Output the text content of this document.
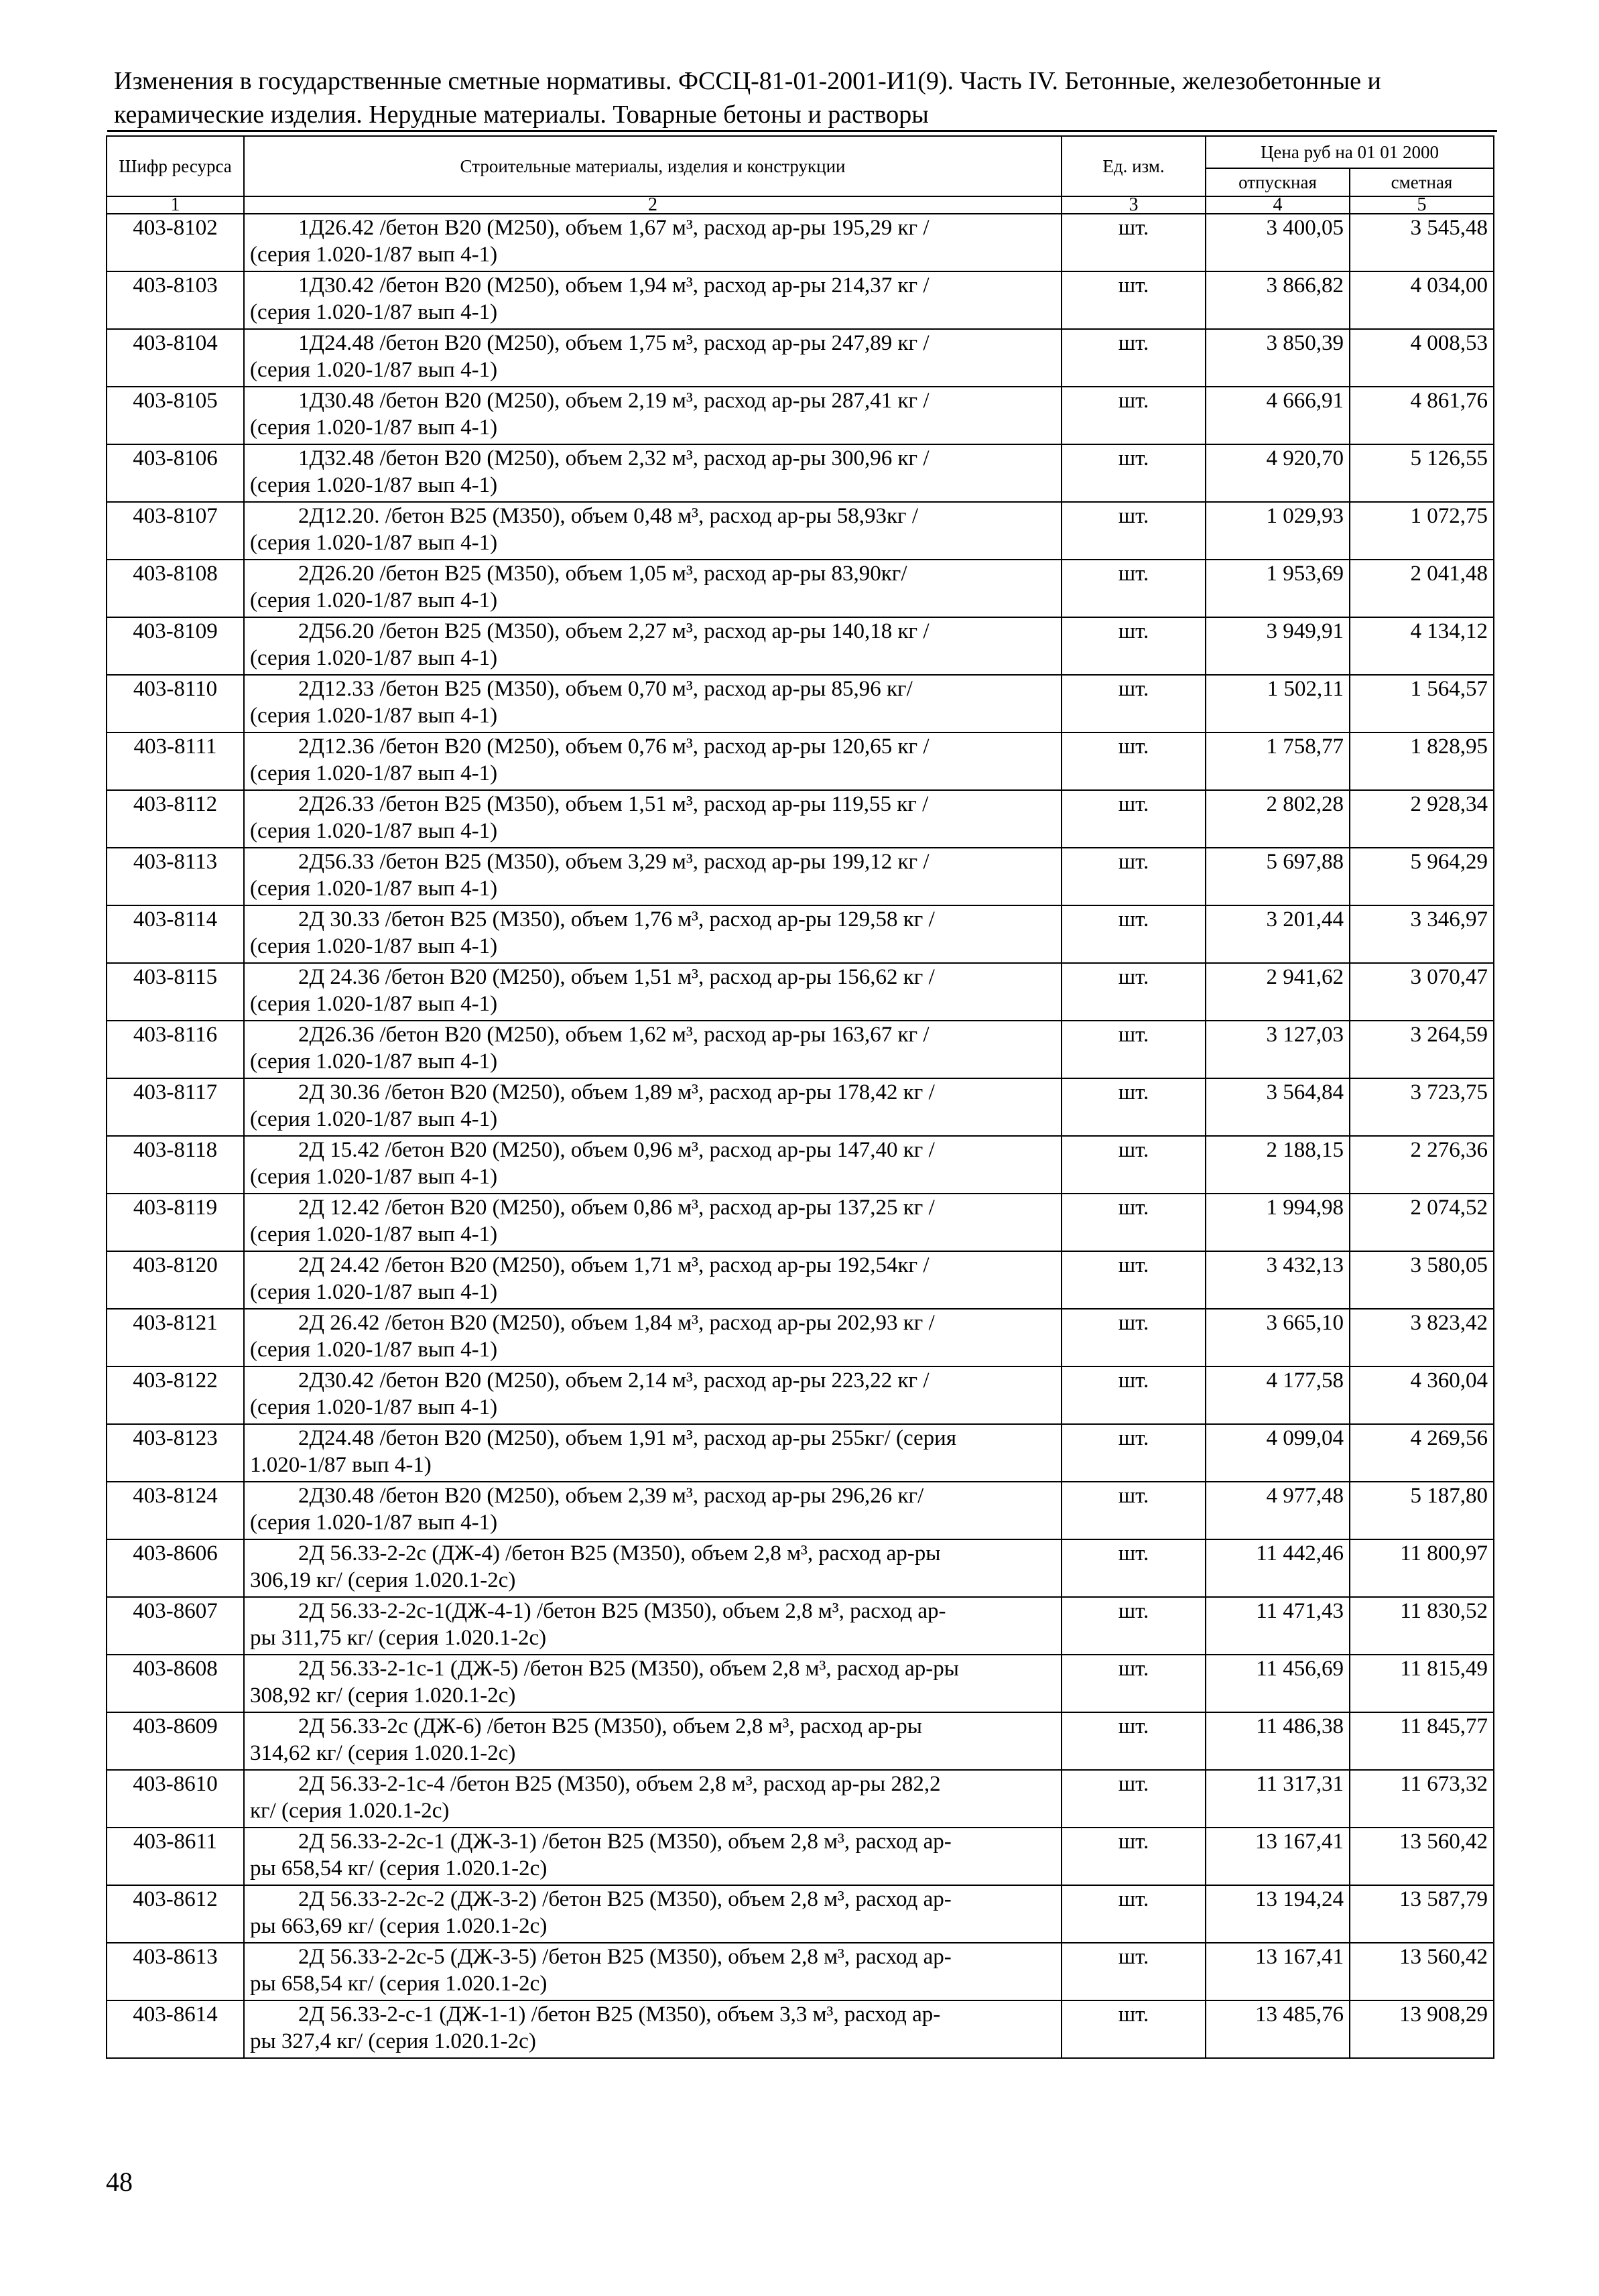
Изменения в государственные сметные нормативы. ФССЦ-81-01-2001-И1(9). Часть IV. Бетонные, железобетонные и керамические изделия. Нерудные материалы. Товарные бетоны и растворы
Шифр ресурса	Строительные материалы, изделия и конструкции	Ед. изм.	Цена руб на 01 01 2000	
			отпускная	сметная
1	2	3	4	5
403-8102	1Д26.42 /бетон В20 (М250), объем 1,67 м³, расход ар-ры 195,29 кг /
(серия 1.020-1/87 вып 4-1)	шт.	3 400,05	3 545,48
403-8103	1Д30.42 /бетон В20 (М250), объем 1,94 м³, расход ар-ры 214,37 кг /
(серия 1.020-1/87 вып 4-1)	шт.	3 866,82	4 034,00
403-8104	1Д24.48 /бетон В20 (М250), объем 1,75 м³, расход ар-ры 247,89 кг /
(серия 1.020-1/87 вып 4-1)	шт.	3 850,39	4 008,53
403-8105	1Д30.48 /бетон В20 (М250), объем 2,19 м³, расход ар-ры 287,41 кг /
(серия 1.020-1/87 вып 4-1)	шт.	4 666,91	4 861,76
403-8106	1Д32.48 /бетон В20 (М250), объем 2,32 м³, расход ар-ры 300,96 кг /
(серия 1.020-1/87 вып 4-1)	шт.	4 920,70	5 126,55
403-8107	2Д12.20. /бетон В25 (М350), объем 0,48 м³, расход ар-ры 58,93кг /
(серия 1.020-1/87 вып 4-1)	шт.	1 029,93	1 072,75
403-8108	2Д26.20 /бетон В25 (М350), объем 1,05 м³, расход ар-ры 83,90кг/
(серия 1.020-1/87 вып 4-1)	шт.	1 953,69	2 041,48
403-8109	2Д56.20 /бетон В25 (М350), объем 2,27 м³, расход ар-ры 140,18 кг /
(серия 1.020-1/87 вып 4-1)	шт.	3 949,91	4 134,12
403-8110	2Д12.33 /бетон В25 (М350), объем 0,70 м³, расход ар-ры 85,96 кг/
(серия 1.020-1/87 вып 4-1)	шт.	1 502,11	1 564,57
403-8111	2Д12.36 /бетон В20 (М250), объем 0,76 м³, расход ар-ры 120,65 кг /
(серия 1.020-1/87 вып 4-1)	шт.	1 758,77	1 828,95
403-8112	2Д26.33 /бетон В25 (М350), объем 1,51 м³, расход ар-ры 119,55 кг /
(серия 1.020-1/87 вып 4-1)	шт.	2 802,28	2 928,34
403-8113	2Д56.33 /бетон В25 (М350), объем 3,29 м³, расход ар-ры 199,12 кг /
(серия 1.020-1/87 вып 4-1)	шт.	5 697,88	5 964,29
403-8114	2Д 30.33 /бетон В25 (М350), объем 1,76 м³, расход ар-ры 129,58 кг /
(серия 1.020-1/87 вып 4-1)	шт.	3 201,44	3 346,97
403-8115	2Д 24.36 /бетон В20 (М250), объем 1,51 м³, расход ар-ры 156,62 кг /
(серия 1.020-1/87 вып 4-1)	шт.	2 941,62	3 070,47
403-8116	2Д26.36 /бетон В20 (М250), объем 1,62 м³, расход ар-ры 163,67 кг /
(серия 1.020-1/87 вып 4-1)	шт.	3 127,03	3 264,59
403-8117	2Д 30.36 /бетон В20 (М250), объем 1,89 м³, расход ар-ры 178,42 кг /
(серия 1.020-1/87 вып 4-1)	шт.	3 564,84	3 723,75
403-8118	2Д 15.42 /бетон В20 (М250), объем 0,96 м³, расход ар-ры 147,40 кг /
(серия 1.020-1/87 вып 4-1)	шт.	2 188,15	2 276,36
403-8119	2Д 12.42 /бетон В20 (М250), объем 0,86 м³, расход ар-ры 137,25 кг /
(серия 1.020-1/87 вып 4-1)	шт.	1 994,98	2 074,52
403-8120	2Д 24.42 /бетон В20 (М250), объем 1,71 м³, расход ар-ры 192,54кг /
(серия 1.020-1/87 вып 4-1)	шт.	3 432,13	3 580,05
403-8121	2Д 26.42 /бетон В20 (М250), объем 1,84 м³, расход ар-ры 202,93 кг /
(серия 1.020-1/87 вып 4-1)	шт.	3 665,10	3 823,42
403-8122	2Д30.42 /бетон В20 (М250), объем 2,14 м³, расход ар-ры 223,22 кг /
(серия 1.020-1/87 вып 4-1)	шт.	4 177,58	4 360,04
403-8123	2Д24.48 /бетон В20 (М250), объем 1,91 м³, расход ар-ры 255кг/ (серия
1.020-1/87 вып 4-1)	шт.	4 099,04	4 269,56
403-8124	2Д30.48 /бетон В20 (М250), объем 2,39 м³, расход ар-ры 296,26 кг/
(серия 1.020-1/87 вып 4-1)	шт.	4 977,48	5 187,80
403-8606	2Д 56.33-2-2с (ДЖ-4) /бетон В25 (М350), объем 2,8 м³, расход ар-ры
306,19 кг/ (серия 1.020.1-2с)	шт.	11 442,46	11 800,97
403-8607	2Д 56.33-2-2с-1(ДЖ-4-1) /бетон В25 (М350), объем 2,8 м³, расход ар-
ры 311,75 кг/ (серия 1.020.1-2с)	шт.	11 471,43	11 830,52
403-8608	2Д 56.33-2-1с-1 (ДЖ-5) /бетон В25 (М350), объем 2,8 м³, расход ар-ры
308,92 кг/ (серия 1.020.1-2с)	шт.	11 456,69	11 815,49
403-8609	2Д 56.33-2с (ДЖ-6) /бетон В25 (М350), объем 2,8 м³, расход ар-ры
314,62 кг/ (серия 1.020.1-2с)	шт.	11 486,38	11 845,77
403-8610	2Д 56.33-2-1с-4 /бетон В25 (М350), объем 2,8 м³, расход ар-ры 282,2
кг/ (серия 1.020.1-2с)	шт.	11 317,31	11 673,32
403-8611	2Д 56.33-2-2с-1 (ДЖ-3-1) /бетон В25 (М350), объем 2,8 м³, расход ар-
ры 658,54 кг/ (серия 1.020.1-2с)	шт.	13 167,41	13 560,42
403-8612	2Д 56.33-2-2с-2 (ДЖ-3-2) /бетон В25 (М350), объем 2,8 м³, расход ар-
ры 663,69 кг/ (серия 1.020.1-2с)	шт.	13 194,24	13 587,79
403-8613	2Д 56.33-2-2с-5 (ДЖ-3-5) /бетон В25 (М350), объем 2,8 м³, расход ар-
ры 658,54 кг/ (серия 1.020.1-2с)	шт.	13 167,41	13 560,42
403-8614	2Д 56.33-2-с-1 (ДЖ-1-1) /бетон В25 (М350), объем 3,3 м³, расход ар-
ры 327,4 кг/ (серия 1.020.1-2с)	шт.	13 485,76	13 908,29
48
